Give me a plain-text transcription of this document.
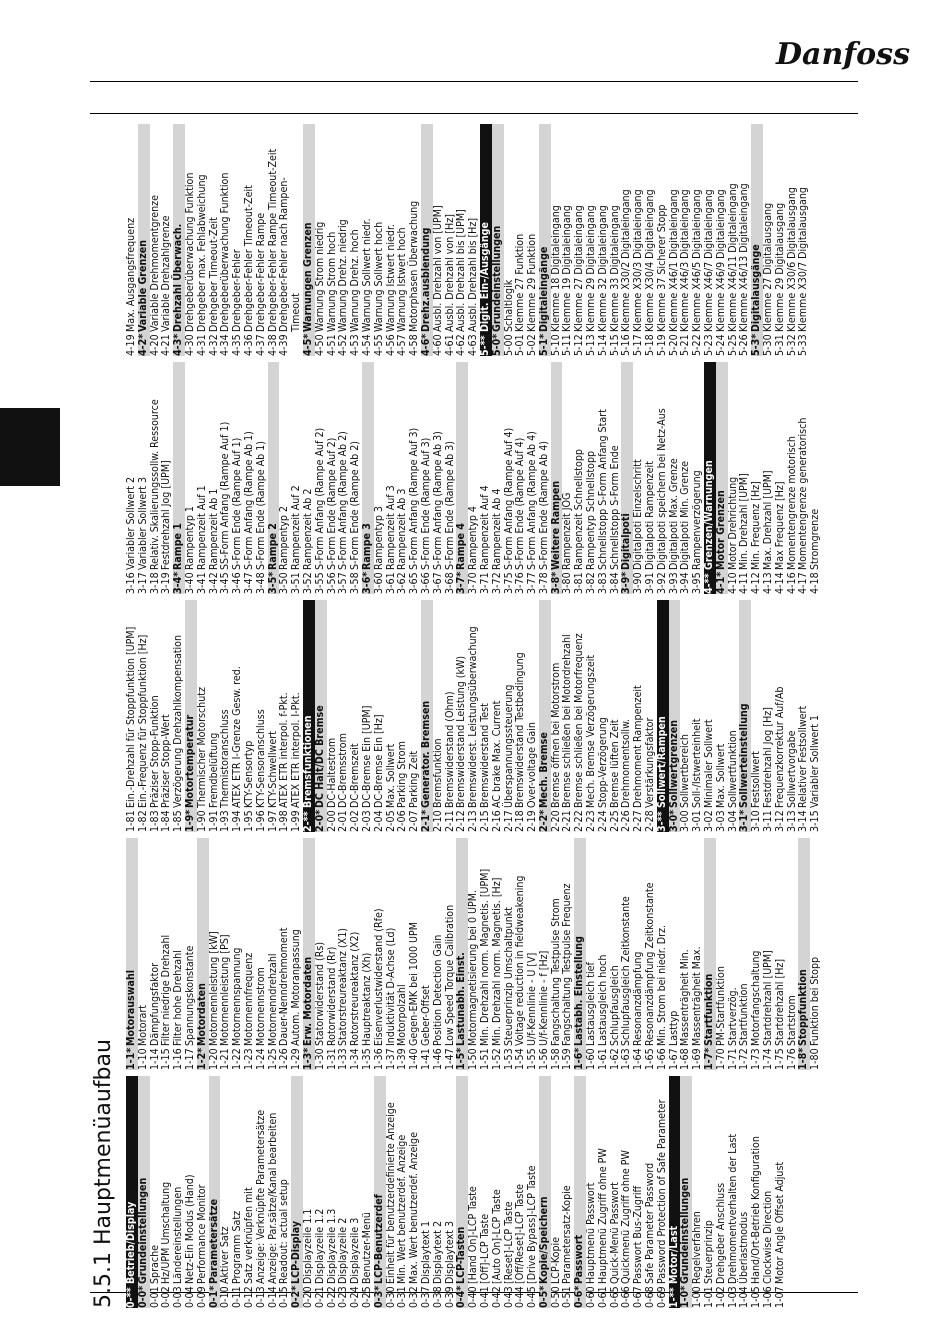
Danfoss
5.5.1 Hauptmenüaufbau 0-**
Betrieb/Display
0-0*
Grundeinstellungen
0-01
Sprache
0-02
Hz/UPM Umschaltung
0-03
Ländereinstellungen
0-04
Netz-Ein Modus (Hand)
0-09
Performance Monitor
0-1*
Parametersätze
0-10
Aktiver Satz
0-11
Programm Satz
0-12
Satz verknüpfen mit
0-13
Anzeige: Verknüpfte Parametersätze
0-14
Anzeige: Par.sätze/Kanal bearbeiten
0-15
Readout: actual setup
0-2*
LCP-Display
0-20
Displayzeile 1.1
0-21
Displayzeile 1.2
0-22
Displayzeile 1.3
0-23
Displayzeile 2
0-24
Displayzeile 3
0-25
Benutzer-Menü
0-3*
LCP-Benutzerdef
0-30
Einheit für benutzerdefinierte Anzeige
0-31
Min. Wert benutzerdef. Anzeige
0-32
Max. Wert benutzerdef. Anzeige
0-37
Displaytext 1
0-38
Displaytext 2
0-39
Displaytext 3
0-4*
LCP-Tasten
0-40
[Hand On]-LCP Taste
0-41
[Off]-LCP Taste
0-42
[Auto On]-LCP Taste
0-43
[Reset]-LCP Taste
0-44
[Off/Reset]-LCP Taste
0-45
[Drive Bypass]-LCP Taste
0-5*
Kopie/Speichern
0-50
LCP-Kopie
0-51
Parametersatz-Kopie
0-6*
Passwort
0-60
Hauptmenü Passwort
0-61
Hauptmenü Zugriff ohne PW
0-65
Quick-Menü Passwort
0-66
Quickmenü Zugriff ohne PW
0-67
Passwort Bus-Zugriff
0-68
Safe Parameter Password
0-69
Password Protection of Safe Parameter
1-**
Motor/Last
1-0*
Grundeinstellungen
1-00
Regelverfahren
1-01
Steuerprinzip
1-02
Drehgeber Anschluss
1-03
Drehmomentverhalten der Last
1-04
Überlastmodus
1-05
Hand/Ort-Betrieb Konfiguration
1-06
Clockwise Direction
1-07
Motor Angle Offset Adjust
1-1*
Motorauswahl
1-10
Motorart
1-14
Dämpfungsfaktor
1-15
Filter niedrige Drehzahl
1-16
Filter hohe Drehzahl
1-17
Spannungskonstante
1-2*
Motordaten
1-20
Motornennleistung [kW]
1-21
Motornennleistung [PS]
1-22
Motornennspannung
1-23
Motornennfrequenz
1-24
Motornennstrom
1-25
Motornenndrehzahl
1-26
Dauer-Nenndrehmoment
1-29
Autom. Motoranpassung
1-3*
Erw. Motordaten
1-30
Statorwiderstand (Rs)
1-31
Rotorwiderstand (Rr)
1-33
Statorstreureaktanz (X1)
1-34
Rotorstreureaktanz (X2)
1-35
Hauptreaktanz (Xh)
1-36
Eisenverlustwiderstand (Rfe)
1-37
Induktivität D-Achse (Ld)
1-39
Motorpolzahl
1-40
Gegen-EMK bei 1000 UPM
1-41
Geber-Offset
1-46
Position Detection Gain
1-47
Low Speed Torque Calibration
1-5*
Lastunabh. Einst.
1-50
Motormagnetisierung bei 0 UPM.
1-51
Min. Drehzahl norm. Magnetis. [UPM]
1-52
Min. Drehzahl norm. Magnetis. [Hz]
1-53
Steuerprinzip Umschaltpunkt
1-54
Voltage reduction in fieldweakening
1-55
U/f-Kennlinie - U [V]
1-56
U/f-Kennlinie - f [Hz]
1-58
Fangschaltung Testpulse Strom
1-59
Fangschaltung Testpulse Frequenz
1-6*
Lastabh. Einstellung
1-60
Lastausgleich tief
1-61
Lastausgleich hoch
1-62
Schlupfausgleich
1-63
Schlupfausgleich Zeitkonstante
1-64
Resonanzdämpfung
1-65
Resonanzdämpfung Zeitkonstante
1-66
Min. Strom bei niedr. Drz.
1-67
Lasttyp
1-68
Massenträgheit Min.
1-69
Massenträgheit Max.
1-7*
Startfunktion
1-70
PM-Startfunktion
1-71
Startverzög.
1-72
Startfunktion
1-73
Motorfangschaltung
1-74
Startdrehzahl [UPM]
1-75
Startdrehzahl [Hz]
1-76
Startstrom
1-8*
Stoppfunktion
1-80
Funktion bei Stopp
1-81
Ein.-Drehzahl für Stoppfunktion [UPM]
1-82
Ein.-Frequenz für Stoppfunktion [Hz]
1-83
Präziser Stopp-Funktion
1-84
Präziser Stopp-Wert
1-85
Verzögerung Drehzahlkompensation
1-9*
Motortemperatur
1-90
Thermischer Motorschutz
1-91
Fremdbelüftung
1-93
Thermistoranschluss
1-94
ATEX ETR I-Grenze Gesw. red.
1-95
KTY-Sensortyp
1-96
KTY-Sensoranschluss
1-97
KTY-Schwellwert
1-98
ATEX ETR interpol. f-Pkt.
1-99
ATEX ETR interpol. I-Pkt.
2-**
Bremsfunktionen
2-0*
DC Halt/DC Bremse
2-00
DC-Haltestrom
2-01
DC-Bremsstrom
2-02
DC-Bremszeit
2-03
DC-Bremse Ein [UPM]
2-04
DC-Bremse Ein [Hz]
2-05
Max. Sollwert
2-06
Parking Strom
2-07
Parking Zeit
2-1*
Generator. Bremsen
2-10
Bremsfunktion
2-11
Bremswiderstand (Ohm)
2-12
Bremswiderstand Leistung (kW)
2-13
Bremswiderst. Leistungsüberwachung
2-15
Bremswiderstand Test
2-16
AC brake Max. Current
2-17
Überspannungssteuerung
2-18
Bremswiderstand Testbedingung
2-19
Over-voltage Gain
2-2*
Mech. Bremse
2-20
Bremse öffnen bei Motorstrom
2-21
Bremse schließen bei Motordrehzahl
2-22
Bremse schließen bei Motorfrequenz
2-23
Mech. Bremse Verzögerungszeit
2-24
Stopp-Verzögerung
2-25
Bremse lüften Zeit
2-26
Drehmomentsollw.
2-27
Drehmoment Rampenzeit
2-28
Verstärkungsfaktor
3-**
Sollwert/Rampen
3-0*
Sollwertgrenzen
3-00
Sollwertbereich
3-01
Soll-/Istwerteinheit
3-02
Minimaler Sollwert
3-03
Max. Sollwert
3-04
Sollwertfunktion
3-1*
Sollwerteinstellung
3-10
Festsollwert
3-11
Festdrehzahl Jog [Hz]
3-12
Frequenzkorrektur Auf/Ab
3-13
Sollwertvorgabe
3-14
Relativer Festsollwert
3-15
Variabler Sollwert 1
3-16
Variabler Sollwert 2
3-17
Variabler Sollwert 3
3-18
Relativ. Skalierungssollw. Ressource
3-19
Festdrehzahl Jog [UPM]
3-4*
Rampe 1
3-40
Rampentyp 1
3-41
Rampenzeit Auf 1
3-42
Rampenzeit Ab 1
3-45
SS-Form Anfang (Rampe Auf 1)
3-46
S-Form Ende (Rampe Auf 1)
3-47
S-Form Anfang (Rampe Ab 1)
3-48
S-Form Ende (Rampe Ab 1)
3-5*
Rampe 2
3-50
Rampentyp 2
3-51
Rampenzeit Auf 2
3-52
Rampenzeit Ab 2
3-55
S-Form Anfang (Rampe Auf 2)
3-56
S-Form Ende (Rampe Auf 2)
3-57
S-Form Anfang (Rampe Ab 2)
3-58
S-Form Ende (Rampe Ab 2)
3-6*
Rampe 3
3-60
Rampentyp 3
3-61
Rampenzeit Auf 3
3-62
Rampenzeit Ab 3
3-65
S-Form Anfang (Rampe Auf 3)
3-66
S-Form Ende (Rampe Auf 3)
3-67
S-Form Anfang (Rampe Ab 3)
3-68
S-Form Ende (Rampe Ab 3)
3-7*
Rampe 4
3-70
Rampentyp 4
3-71
Rampenzeit Auf 4
3-72
Rampenzeit Ab 4
3-75
S-Form Anfang (Rampe Auf 4)
3-76
S-Form Ende (Rampe Auf 4)
3-77
S-Form Anfang (Rampe Ab 4)
3-78
S-Form Ende (Rampe Ab 4)
3-8*
Weitere Rampen
3-80
Rampenzeit JOG
3-81
Rampenzeit Schnellstopp
3-82
Rampentyp Schnellstopp
3-83
Schnellstopp S-Form Anfang Start
3-84
Schnellstopp S-Form Ende
3-9*
Digitalpoti
3-90
Digitalpoti Einzelschritt
3-91
Digitalpoti Rampenzeit
3-92
Digitalpoti speichern bei Netz-Aus
3-93
Digitalpoti Max. Grenze
3-94
Digitalpoti Min. Grenze
3-95
Rampenverzögerung
4-**
Grenzen/Warnungen
4-1*
Motor Grenzen
4-10
Motor Drehrichtung
4-11
Min. Drehzahl [UPM]
4-12
Min. Frequenz [Hz]
4-13
Max. Drehzahl [UPM]
4-14
Max Frequenz [Hz]
4-16
Momentengrenze motorisch
4-17
Momentengrenze generatorisch
4-18
Stromgrenze
4-19
Max. Ausgangsfrequenz
4-2*
Variable Grenzen
4-20
Variable Drehmomentgrenze
4-21
Variable Drehzahlgrenze
4-3*
Drehzahl Überwach.
4-30
Drehgeberüberwachung Funktion
4-31
Drehgeber max. Fehlabweichung
4-32
Drehgeber Timeout-Zeit
4-34
Drehgeberüberwachung Funktion
4-35
Drehgeber-Fehler
4-36
Drehgeber-Fehler Timeout-Zeit
4-37
Drehgeber-Fehler Rampe
4-38
Drehgeber-Fehler Rampe Timeout-Zeit
4-39
Drehgeber-Fehler nach Rampen- Timeout
4-5*
Warnungen Grenzen
4-50
Warnung Strom niedrig
4-51
Warnung Strom hoch
4-52
Warnung Drehz. niedrig
4-53
Warnung Drehz. hoch
4-54
Warnung Sollwert niedr.
4-55
Warnung Sollwert hoch
4-56
Warnung Istwert niedr.
4-57
Warnung Istwert hoch
4-58
Motorphasen Überwachung
4-6*
Drehz.ausblendung
4-60
Ausbl. Drehzahl von [UPM]
4-61
Ausbl. Drehzahl von [Hz]
4-62
Ausbl. Drehzahl bis [UPM]
4-63
Ausbl. Drehzahl bis [Hz]
5-**
Digit. Ein-/Ausgänge
5-0*
Grundeinstellungen
5-00
Schaltlogik
5-01
Klemme 27 Funktion
5-02
Klemme 29 Funktion
5-1*
Digitaleingänge
5-10
Klemme 18 Digitaleingang
5-11
Klemme 19 Digitaleingang
5-12
Klemme 27 Digitaleingang
5-13
Klemme 29 Digitaleingang
5-14
Klemme 32 Digitaleingang
5-15
Klemme 33 Digitaleingang
5-16
Klemme X30/2 Digitaleingang
5-17
Klemme X30/3 Digitaleingang
5-18
Klemme X30/4 Digitaleingang
5-19
Klemme 37 Sicherer Stopp
5-20
Klemme X46/1 Digitaleingang
5-21
Klemme X46/3 Digitaleingang
5-22
Klemme X46/5 Digitaleingang
5-23
Klemme X46/7 Digitaleingang
5-24
Klemme X46/9 Digitaleingang
5-25
Klemme X46/11 Digitaleingang
5-26
Klemme X46/13 Digitaleingang
5-3*
Digitalausgänge
5-30
Klemme 27 Digitalausgang
5-31
Klemme 29 Digitalausgang
5-32
Klemme X30/6 Digitalausgang
5-33
Klemme X30/7 Digitalausgang
